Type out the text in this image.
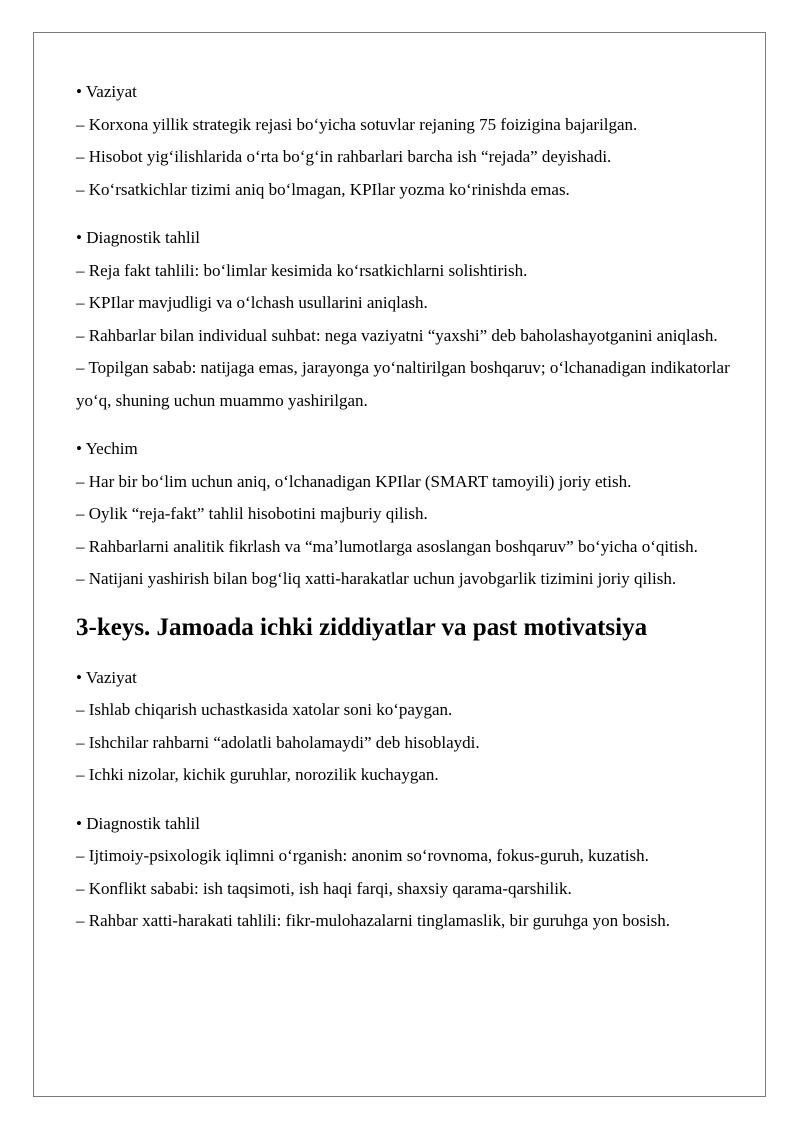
• Vaziyat

– Korxona yillik strategik rejasi boʻyicha sotuvlar rejaning 75 foizigina bajarilgan.

– Hisobot yigʻilishlarida oʻrta boʻgʻin rahbarlari barcha ish “rejada” deyishadi.

– Koʻrsatkichlar tizimi aniq boʻlmagan, KPIlar yozma koʻrinishda emas.

• Diagnostik tahlil

– Reja fakt tahlili: boʻlimlar kesimida koʻrsatkichlarni solishtirish.

– KPIlar mavjudligi va oʻlchash usullarini aniqlash.

– Rahbarlar bilan individual suhbat: nega vaziyatni “yaxshi” deb baholashayotganini aniqlash.

– Topilgan sabab: natijaga emas, jarayonga yoʻnaltirilgan boshqaruv; oʻlchanadigan indikatorlar yoʻq, shuning uchun muammo yashirilgan.

• Yechim

– Har bir boʻlim uchun aniq, oʻlchanadigan KPIlar (SMART tamoyili) joriy etish.

– Oylik “reja-fakt” tahlil hisobotini majburiy qilish.

– Rahbarlarni analitik fikrlash va “maʼlumotlarga asoslangan boshqaruv” boʻyicha oʻqitish.

– Natijani yashirish bilan bogʻliq xatti-harakatlar uchun javobgarlik tizimini joriy qilish.

3-keys. Jamoada ichki ziddiyatlar va past motivatsiya

• Vaziyat

– Ishlab chiqarish uchastkasida xatolar soni koʻpaygan.

– Ishchilar rahbarni “adolatli baholamaydi” deb hisoblaydi.

– Ichki nizolar, kichik guruhlar, norozilik kuchaygan.

• Diagnostik tahlil

– Ijtimoiy-psixologik iqlimni oʻrganish: anonim soʻrovnoma, fokus-guruh, kuzatish.

– Konflikt sababi: ish taqsimoti, ish haqi farqi, shaxsiy qarama-qarshilik.

– Rahbar xatti-harakati tahlili: fikr-mulohazalarni tinglamaslik, bir guruhga yon bosish.
